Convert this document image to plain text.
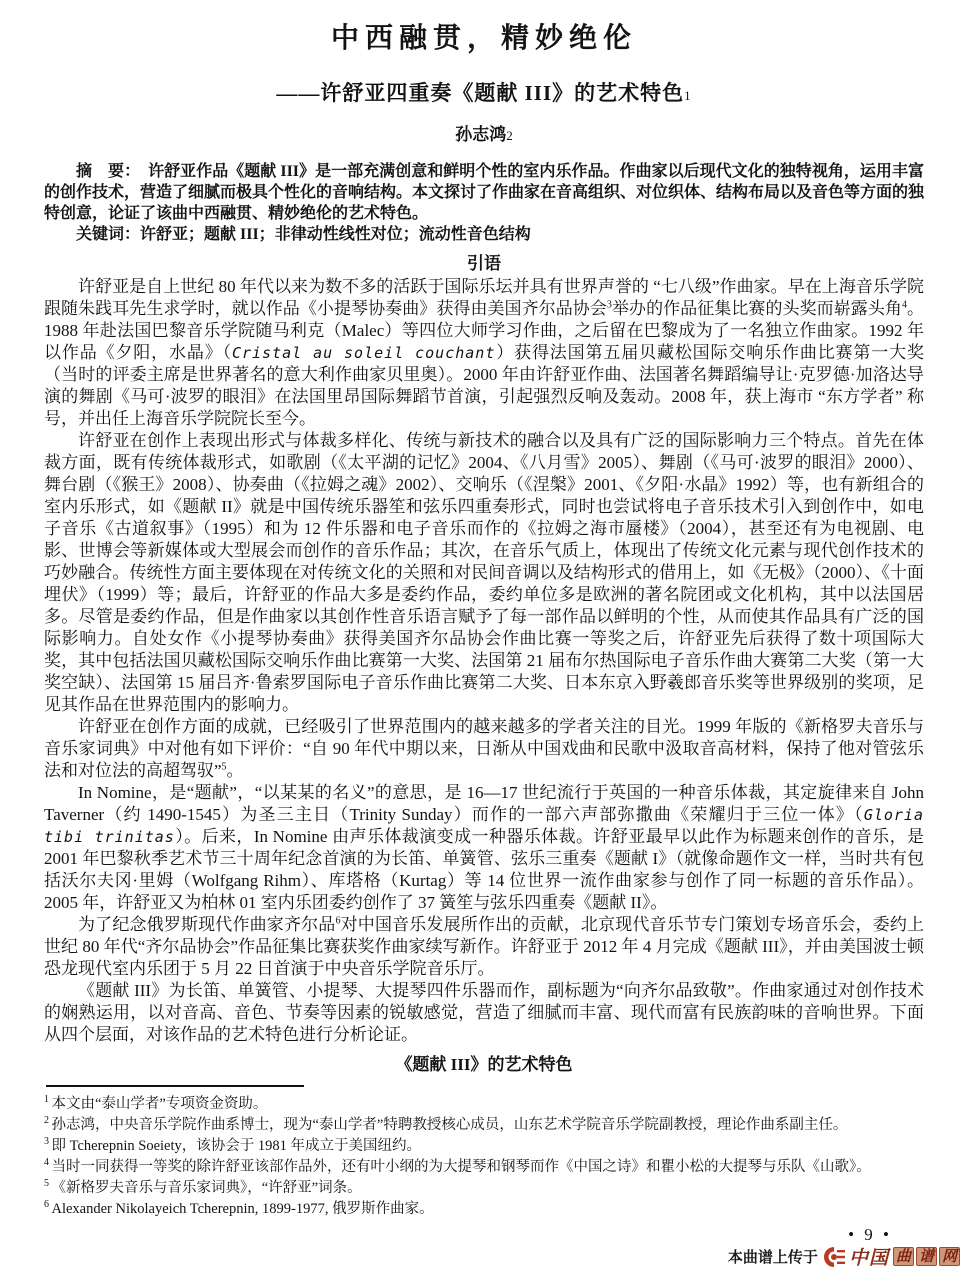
中西融贯，精妙绝伦
——许舒亚四重奏《题献 III》的艺术特色1
孙志鸿2

摘　要：　许舒亚作品《题献 III》是一部充满创意和鲜明个性的室内乐作品。作曲家以后现代文化的独特视角，运用丰富的创作技术，营造了细腻而极具个性化的音响结构。本文探讨了作曲家在音高组织、对位织体、结构布局以及音色等方面的独特创意，论证了该曲中西融贯、精妙绝伦的艺术特色。

关键词：许舒亚；题献 III；非律动性线性对位；流动性音色结构

引语

许舒亚是自上世纪 80 年代以来为数不多的活跃于国际乐坛并具有世界声誉的 “七八级”作曲家。早在上海音乐学院跟随朱践耳先生求学时，就以作品《小提琴协奏曲》获得由美国齐尔品协会$^3$举办的作品征集比赛的头奖而崭露头角$^4$。1988 年赴法国巴黎音乐学院随马利克（Malec）等四位大师学习作曲，之后留在巴黎成为了一名独立作曲家。1992 年以作品《夕阳，水晶》（Cristal au soleil couchant）获得法国第五届贝藏松国际交响乐作曲比赛第一大奖（当时的评委主席是世界著名的意大利作曲家贝里奥）。2000 年由许舒亚作曲、法国著名舞蹈编导让·克罗德·加洛达导演的舞剧《马可·波罗的眼泪》在法国里昂国际舞蹈节首演，引起强烈反响及轰动。2008 年，获上海市 “东方学者” 称号，并出任上海音乐学院院长至今。

许舒亚在创作上表现出形式与体裁多样化、传统与新技术的融合以及具有广泛的国际影响力三个特点。首先在体裁方面，既有传统体裁形式，如歌剧（《太平湖的记忆》2004、《八月雪》2005）、舞剧（《马可·波罗的眼泪》2000）、舞台剧（《猴王》2008）、协奏曲（《拉姆之魂》2002）、交响乐（《涅槃》2001、《夕阳·水晶》1992）等，也有新组合的室内乐形式，如《题献 II》就是中国传统乐器笙和弦乐四重奏形式，同时也尝试将电子音乐技术引入到创作中，如电子音乐《古道叙事》（1995）和为 12 件乐器和电子音乐而作的《拉姆之海市蜃楼》（2004），甚至还有为电视剧、电影、世博会等新媒体或大型展会而创作的音乐作品；其次，在音乐气质上，体现出了传统文化元素与现代创作技术的巧妙融合。传统性方面主要体现在对传统文化的关照和对民间音调以及结构形式的借用上，如《无极》（2000）、《十面埋伏》（1999）等；最后，许舒亚的作品大多是委约作品，委约单位多是欧洲的著名院团或文化机构，其中以法国居多。尽管是委约作品，但是作曲家以其创作性音乐语言赋予了每一部作品以鲜明的个性，从而使其作品具有广泛的国际影响力。自处女作《小提琴协奏曲》获得美国齐尔品协会作曲比赛一等奖之后，许舒亚先后获得了数十项国际大奖，其中包括法国贝藏松国际交响乐作曲比赛第一大奖、法国第 21 届布尔热国际电子音乐作曲大赛第二大奖（第一大奖空缺）、法国第 15 届吕齐·鲁索罗国际电子音乐作曲比赛第二大奖、日本东京入野羲郎音乐奖等世界级别的奖项，足见其作品在世界范围内的影响力。

许舒亚在创作方面的成就，已经吸引了世界范围内的越来越多的学者关注的目光。1999 年版的《新格罗夫音乐与音乐家词典》中对他有如下评价：“自 90 年代中期以来，日渐从中国戏曲和民歌中汲取音高材料，保持了他对管弦乐法和对位法的高超驾驭”$^5$。

In Nomine，是“题献”，“以某某的名义”的意思，是 16—17 世纪流行于英国的一种音乐体裁，其定旋律来自 John Taverner（约 1490-1545）为圣三主日（Trinity Sunday）而作的一部六声部弥撒曲《荣耀归于三位一体》（Gloria tibi trinitas）。后来，In Nomine 由声乐体裁演变成一种器乐体裁。许舒亚最早以此作为标题来创作的音乐，是 2001 年巴黎秋季艺术节三十周年纪念首演的为长笛、单簧管、弦乐三重奏《题献 I》（就像命题作文一样，当时共有包括沃尔夫冈·里姆（Wolfgang Rihm）、库塔格（Kurtag）等 14 位世界一流作曲家参与创作了同一标题的音乐作品）。2005 年，许舒亚又为柏林 01 室内乐团委约创作了 37 簧笙与弦乐四重奏《题献 II》。

为了纪念俄罗斯现代作曲家齐尔品$^6$对中国音乐发展所作出的贡献，北京现代音乐节专门策划专场音乐会，委约上世纪 80 年代“齐尔品协会”作品征集比赛获奖作曲家续写新作。许舒亚于 2012 年 4 月完成《题献 III》，并由美国波士顿恐龙现代室内乐团于 5 月 22 日首演于中央音乐学院音乐厅。

《题献 III》为长笛、单簧管、小提琴、大提琴四件乐器而作，副标题为“向齐尔品致敬”。作曲家通过对创作技术的娴熟运用，以对音高、音色、节奏等因素的锐敏感觉，营造了细腻而丰富、现代而富有民族韵味的音响世界。下面从四个层面，对该作品的艺术特色进行分析论证。

《题献 III》的艺术特色
$^1$ 本文由“泰山学者”专项资金资助。
$^2$ 孙志鸿，中央音乐学院作曲系博士，现为“泰山学者”特聘教授核心成员，山东艺术学院音乐学院副教授，理论作曲系副主任。
$^3$ 即 Tcherepnin Soeiety，该协会于 1981 年成立于美国纽约。
$^4$ 当时一同获得一等奖的除许舒亚该部作品外，还有叶小纲的为大提琴和钢琴而作《中国之诗》和瞿小松的大提琴与乐队《山歌》。
$^5$ 《新格罗夫音乐与音乐家词典》，“许舒亚”词条。
$^6$ Alexander Nikolayeich Tcherepnin, 1899-1977, 俄罗斯作曲家。
• 9 •
本曲谱上传于 中国 曲 谱 网
